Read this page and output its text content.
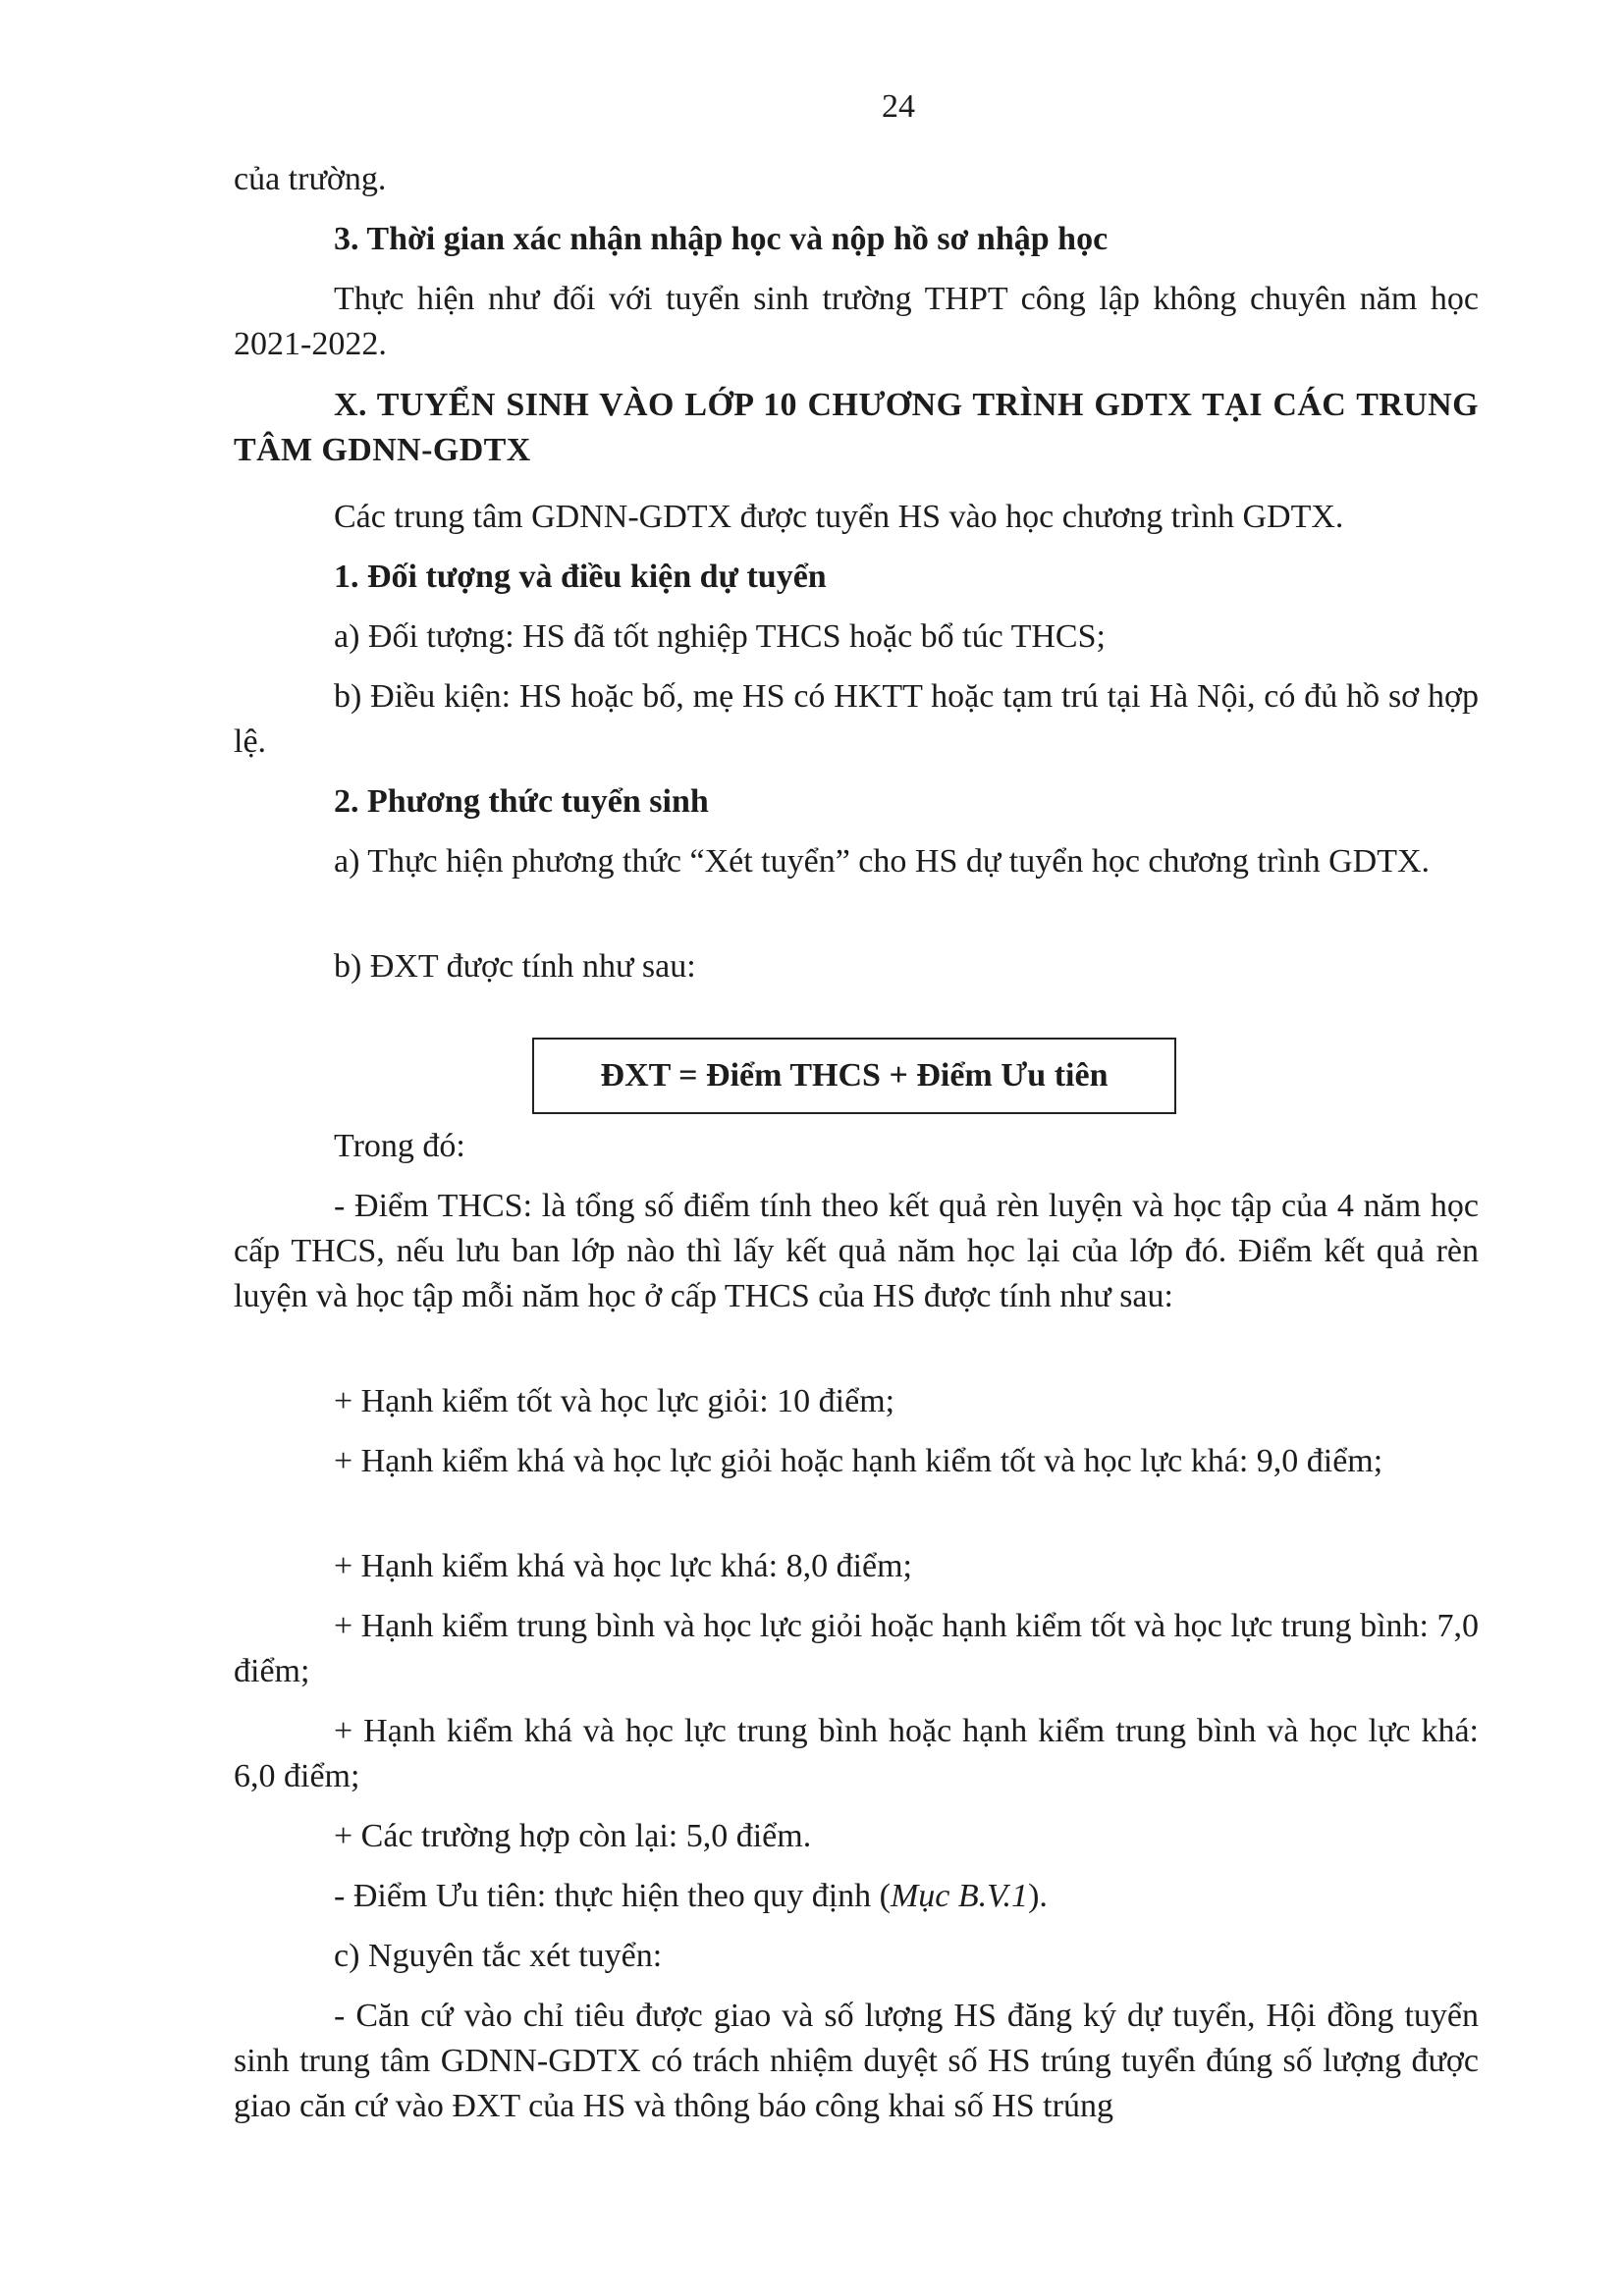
24
của trường.
3. Thời gian xác nhận nhập học và nộp hồ sơ nhập học
Thực hiện như đối với tuyển sinh trường THPT công lập không chuyên năm học 2021-2022.
X. TUYỂN SINH VÀO LỚP 10 CHƯƠNG TRÌNH GDTX TẠI CÁC TRUNG TÂM GDNN-GDTX
Các trung tâm GDNN-GDTX được tuyển HS vào học chương trình GDTX.
1. Đối tượng và điều kiện dự tuyển
a) Đối tượng: HS đã tốt nghiệp THCS hoặc bổ túc THCS;
b) Điều kiện: HS hoặc bố, mẹ HS có HKTT hoặc tạm trú tại Hà Nội, có đủ hồ sơ hợp lệ.
2. Phương thức tuyển sinh
a) Thực hiện phương thức “Xét tuyển” cho HS dự tuyển học chương trình GDTX.
b) ĐXT được tính như sau:
ĐXT = Điểm THCS + Điểm Ưu tiên
Trong đó:
- Điểm THCS: là tổng số điểm tính theo kết quả rèn luyện và học tập của 4 năm học cấp THCS, nếu lưu ban lớp nào thì lấy kết quả năm học lại của lớp đó. Điểm kết quả rèn luyện và học tập mỗi năm học ở cấp THCS của HS được tính như sau:
+ Hạnh kiểm tốt và học lực giỏi: 10 điểm;
+ Hạnh kiểm khá và học lực giỏi hoặc hạnh kiểm tốt và học lực khá: 9,0 điểm;
+ Hạnh kiểm khá và học lực khá: 8,0 điểm;
+ Hạnh kiểm trung bình và học lực giỏi hoặc hạnh kiểm tốt và học lực trung bình: 7,0 điểm;
+ Hạnh kiểm khá và học lực trung bình hoặc hạnh kiểm trung bình và học lực khá: 6,0 điểm;
+ Các trường hợp còn lại: 5,0 điểm.
- Điểm Ưu tiên: thực hiện theo quy định (Mục B.V.1).
c) Nguyên tắc xét tuyển:
- Căn cứ vào chỉ tiêu được giao và số lượng HS đăng ký dự tuyển, Hội đồng tuyển sinh trung tâm GDNN-GDTX có trách nhiệm duyệt số HS trúng tuyển đúng số lượng được giao căn cứ vào ĐXT của HS và thông báo công khai số HS trúng
